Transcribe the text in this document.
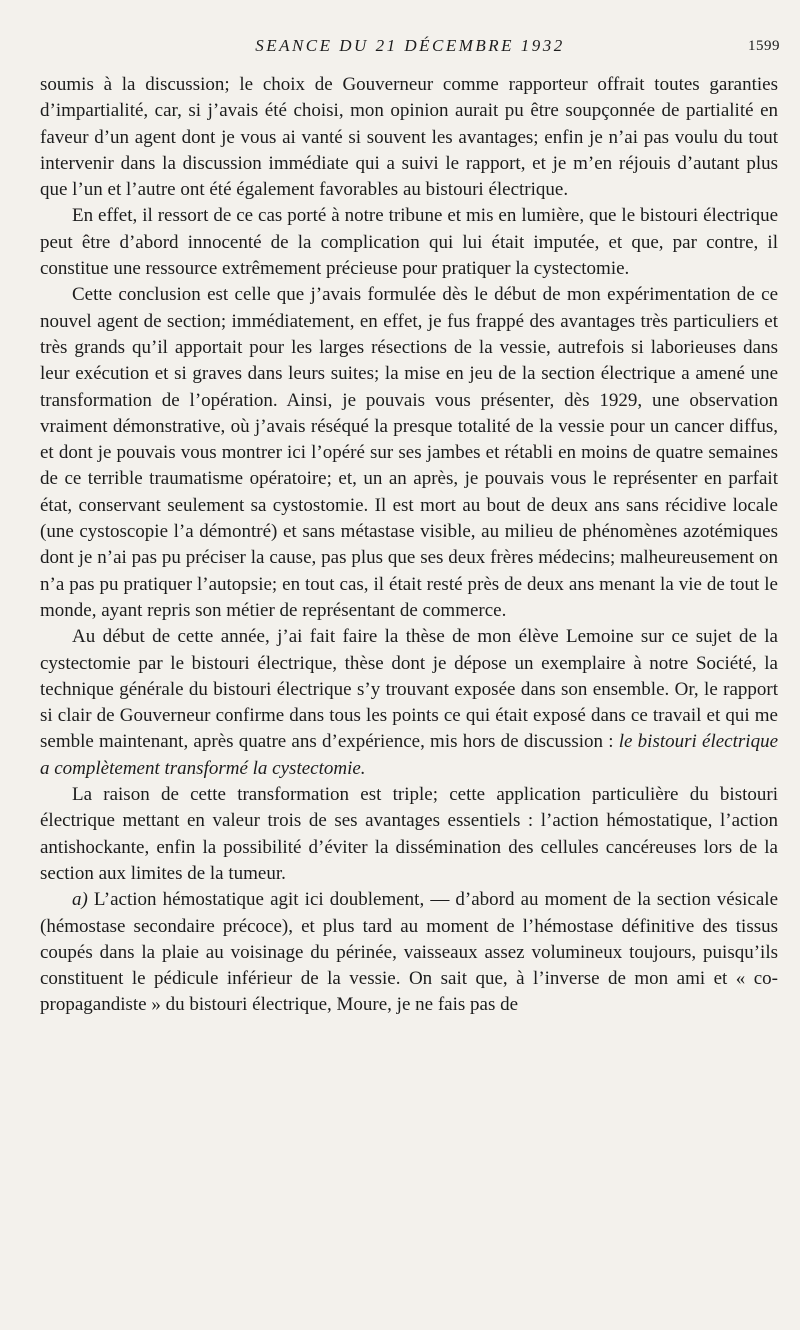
SEANCE DU 21 DÉCEMBRE 1932	1599

soumis à la discussion; le choix de Gouverneur comme rapporteur offrait toutes garanties d’impartialité, car, si j’avais été choisi, mon opinion aurait pu être soupçonnée de partialité en faveur d’un agent dont je vous ai vanté si souvent les avantages; enfin je n’ai pas voulu du tout intervenir dans la discussion immédiate qui a suivi le rapport, et je m’en réjouis d’autant plus que l’un et l’autre ont été également favorables au bistouri électrique.

En effet, il ressort de ce cas porté à notre tribune et mis en lumière, que le bistouri électrique peut être d’abord innocenté de la complication qui lui était imputée, et que, par contre, il constitue une ressource extrêmement précieuse pour pratiquer la cystectomie.

Cette conclusion est celle que j’avais formulée dès le début de mon expérimentation de ce nouvel agent de section; immédiatement, en effet, je fus frappé des avantages très particuliers et très grands qu’il apportait pour les larges résections de la vessie, autrefois si laborieuses dans leur exécution et si graves dans leurs suites; la mise en jeu de la section électrique a amené une transformation de l’opération. Ainsi, je pouvais vous présenter, dès 1929, une observation vraiment démonstrative, où j’avais réséqué la presque totalité de la vessie pour un cancer diffus, et dont je pouvais vous montrer ici l’opéré sur ses jambes et rétabli en moins de quatre semaines de ce terrible traumatisme opératoire; et, un an après, je pouvais vous le représenter en parfait état, conservant seulement sa cystostomie. Il est mort au bout de deux ans sans récidive locale (une cystoscopie l’a démontré) et sans métastase visible, au milieu de phénomènes azotémiques dont je n’ai pas pu préciser la cause, pas plus que ses deux frères médecins; malheureusement on n’a pas pu pratiquer l’autopsie; en tout cas, il était resté près de deux ans menant la vie de tout le monde, ayant repris son métier de représentant de commerce.

Au début de cette année, j’ai fait faire la thèse de mon élève Lemoine sur ce sujet de la cystectomie par le bistouri électrique, thèse dont je dépose un exemplaire à notre Société, la technique générale du bistouri électrique s’y trouvant exposée dans son ensemble. Or, le rapport si clair de Gouverneur confirme dans tous les points ce qui était exposé dans ce travail et qui me semble maintenant, après quatre ans d’expérience, mis hors de discussion : le bistouri électrique a complètement transformé la cystectomie.

La raison de cette transformation est triple; cette application particulière du bistouri électrique mettant en valeur trois de ses avantages essentiels : l’action hémostatique, l’action antishockante, enfin la possibilité d’éviter la dissémination des cellules cancéreuses lors de la section aux limites de la tumeur.

a) L’action hémostatique agit ici doublement, — d’abord au moment de la section vésicale (hémostase secondaire précoce), et plus tard au moment de l’hémostase définitive des tissus coupés dans la plaie au voisinage du périnée, vaisseaux assez volumineux toujours, puisqu’ils constituent le pédicule inférieur de la vessie. On sait que, à l’inverse de mon ami et « co-propagandiste » du bistouri électrique, Moure, je ne fais pas de
